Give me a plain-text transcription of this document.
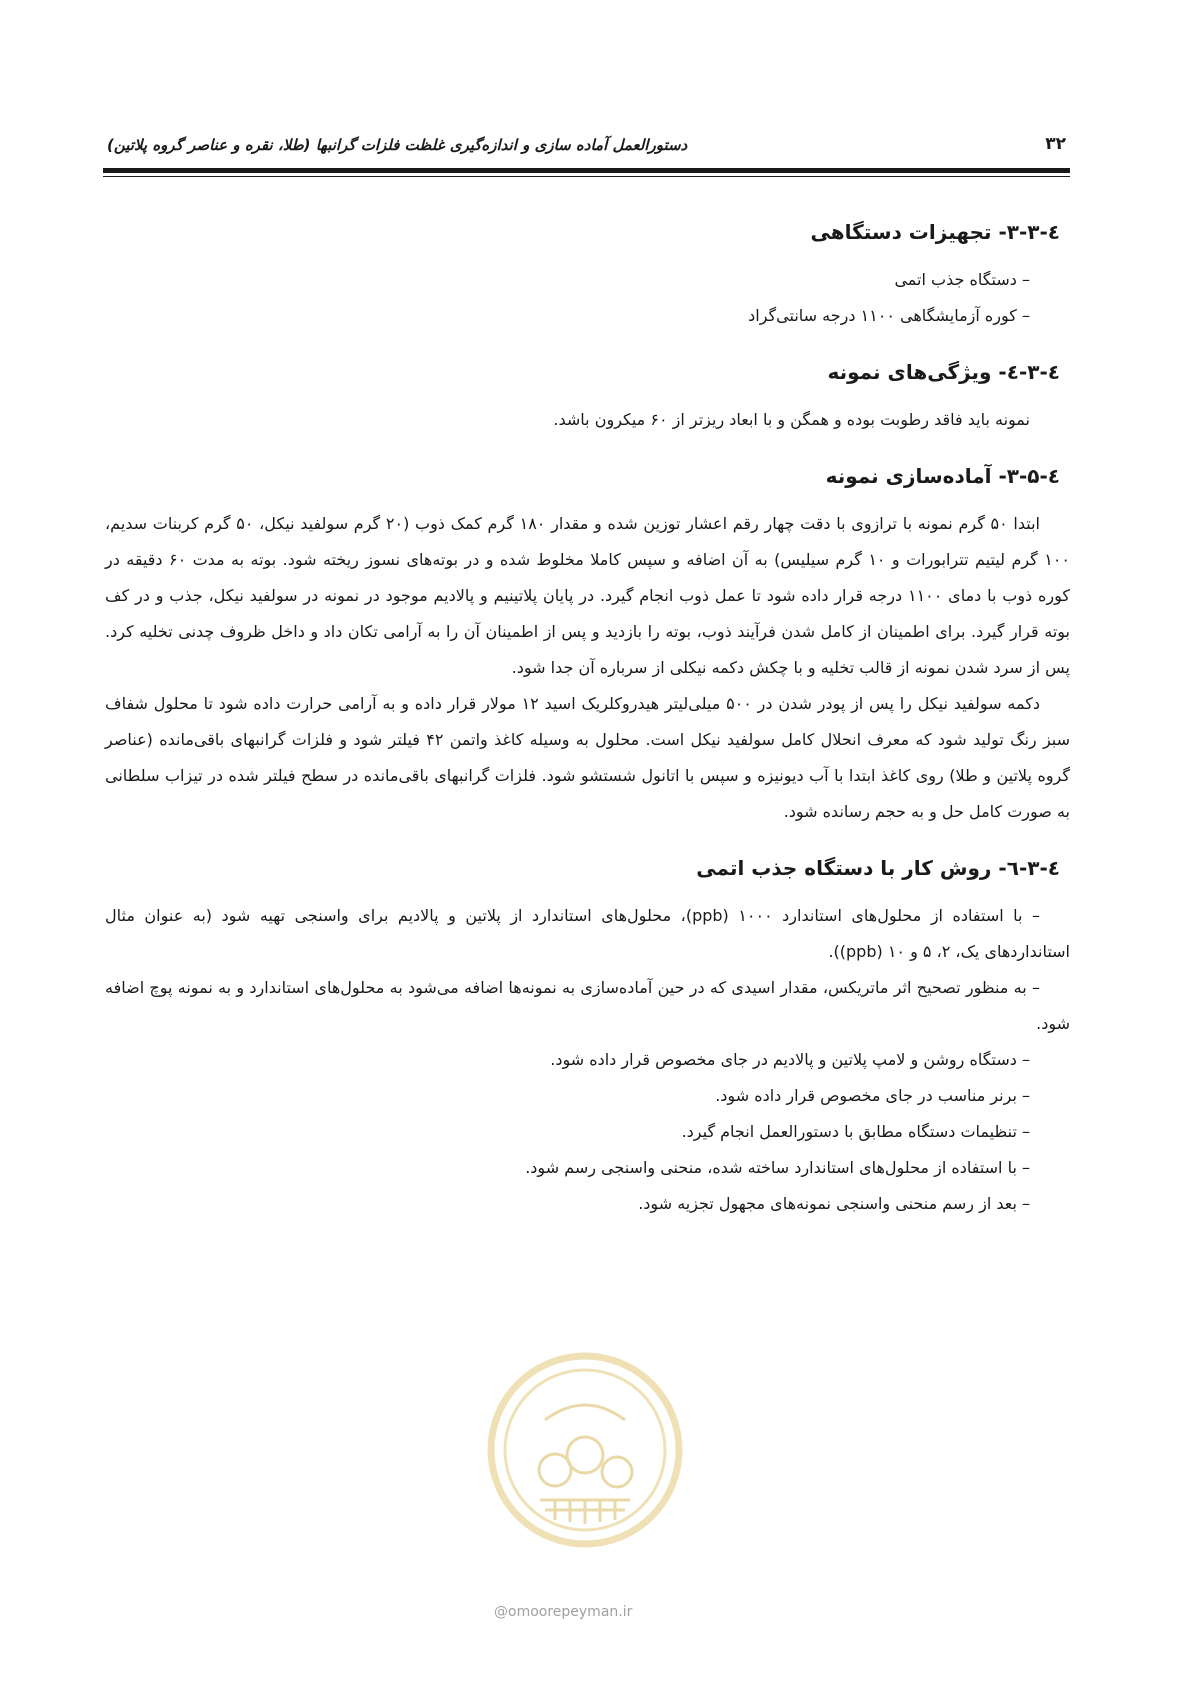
۳۲
دستورالعمل آماده سازی و اندازه‌گیری غلظت فلزات گرانبها (طلا، نقره و عناصر گروه پلاتین)
٤-۳-۳- تجهیزات دستگاهی
– دستگاه جذب اتمی
– کوره آزمایشگاهی ۱۱۰۰ درجه سانتی‌گراد
٤-۳-٤- ویژگی‌های نمونه

نمونه باید فاقد رطوبت بوده و همگن و با ابعاد ریزتر از ۶۰ میکرون باشد.

٤-۳-۵- آماده‌سازی نمونه

ابتدا ۵۰ گرم نمونه با ترازوی با دقت چهار رقم اعشار توزین شده و مقدار ۱۸۰ گرم کمک ذوب (۲۰ گرم سولفید نیکل، ۵۰ گرم کربنات سدیم، ۱۰۰ گرم لیتیم تترابورات و ۱۰ گرم سیلیس) به آن اضافه و سپس کاملا مخلوط شده و در بوته‌های نسوز ریخته شود. بوته به مدت ۶۰ دقیقه در کوره ذوب با دمای ۱۱۰۰ درجه قرار داده شود تا عمل ذوب انجام گیرد. در پایان پلاتینیم و پالادیم موجود در نمونه در سولفید نیکل، جذب و در کف بوته قرار گیرد. برای اطمینان از کامل شدن فرآیند ذوب، بوته را بازدید و پس از اطمینان آن را به آرامی تکان داد و داخل ظروف چدنی تخلیه کرد. پس از سرد شدن نمونه از قالب تخلیه و با چکش دکمه نیکلی از سرباره آن جدا شود.

دکمه سولفید نیکل را پس از پودر شدن در ۵۰۰ میلی‌لیتر هیدروکلریک اسید ۱۲ مولار قرار داده و به آرامی حرارت داده شود تا محلول شفاف سبز رنگ تولید شود که معرف انحلال کامل سولفید نیکل است. محلول به وسیله کاغذ واتمن ۴۲ فیلتر شود و فلزات گرانبهای باقی‌مانده (عناصر گروه پلاتین و طلا) روی کاغذ ابتدا با آب دیونیزه و سپس با اتانول شستشو شود. فلزات گرانبهای باقی‌مانده در سطح فیلتر شده در تیزاب سلطانی به صورت کامل حل و به حجم رسانده شود.

٤-۳-٦- روش کار با دستگاه جذب اتمی

– با استفاده از محلول‌های استاندارد ۱۰۰۰ (ppb)، محلول‌های استاندارد از پلاتین و پالادیم برای واسنجی تهیه شود (به عنوان مثال استانداردهای یک، ۲، ۵ و ۱۰ (ppb)).

– به منظور تصحیح اثر ماتریکس، مقدار اسیدی که در حین آماده‌سازی به نمونه‌ها اضافه می‌شود به محلول‌های استاندارد و به نمونه پوچ اضافه شود.

– دستگاه روشن و لامپ پلاتین و پالادیم در جای مخصوص قرار داده شود.
– برنر مناسب در جای مخصوص قرار داده شود.
– تنظیمات دستگاه مطابق با دستورالعمل انجام گیرد.
– با استفاده از محلول‌های استاندارد ساخته شده، منحنی واسنجی رسم شود.
– بعد از رسم منحنی واسنجی نمونه‌های مجهول تجزیه شود.
@omoorepeyman.ir
